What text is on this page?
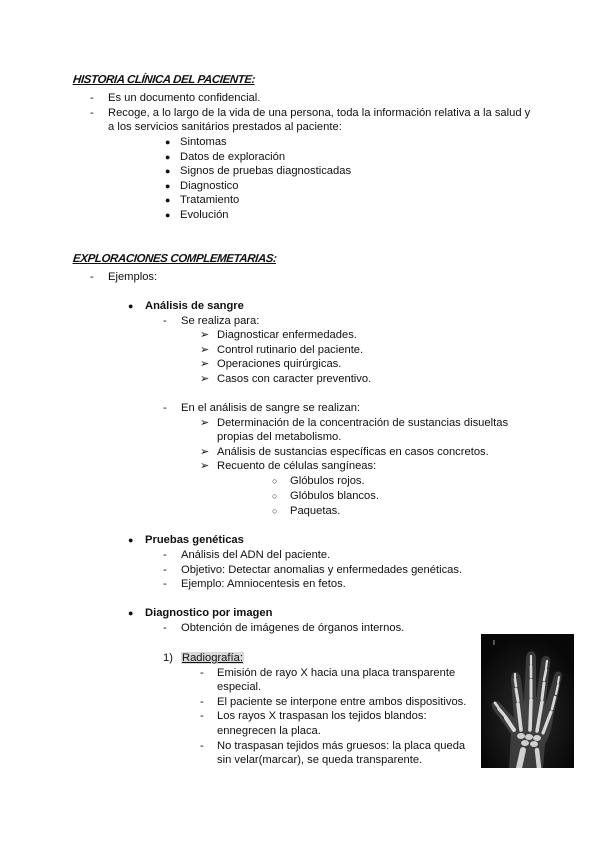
HISTORIA CLÍNICA DEL PACIENTE:
- Es un documento confidencial.
- Recoge, a lo largo de la vida de una persona, toda la información relativa a la salud y
a los servicios sanitários prestados al paciente:
● Sintomas
● Datos de exploración
● Signos de pruebas diagnosticadas
● Diagnostico
● Tratamiento
● Evolución
EXPLORACIONES COMPLEMETARIAS:
- Ejemplos:
● Análisis de sangre
- Se realiza para:
➢ Diagnosticar enfermedades.
➢ Control rutinario del paciente.
➢ Operaciones quirúrgicas.
➢ Casos con caracter preventivo.
- En el análisis de sangre se realizan:
➢ Determinación de la concentración de sustancias disueltas
propias del metabolismo.
➢ Análisis de sustancias específicas en casos concretos.
➢ Recuento de células sangíneas:
○ Glóbulos rojos.
○ Glóbulos blancos.
○ Paquetas.
● Pruebas genéticas
- Análisis del ADN del paciente.
- Objetivo: Detectar anomalias y enfermedades genéticas.
- Ejemplo: Amniocentesis en fetos.
● Diagnostico por imagen
- Obtención de imágenes de órganos internos.
1) Radiografía:
- Emisión de rayo X hacia una placa transparente
especial.
- El paciente se interpone entre ambos dispositivos.
- Los rayos X traspasan los tejidos blandos:
ennegrecen la placa.
- No traspasan tejidos más gruesos: la placa queda
sin velar(marcar), se queda transparente.
I
